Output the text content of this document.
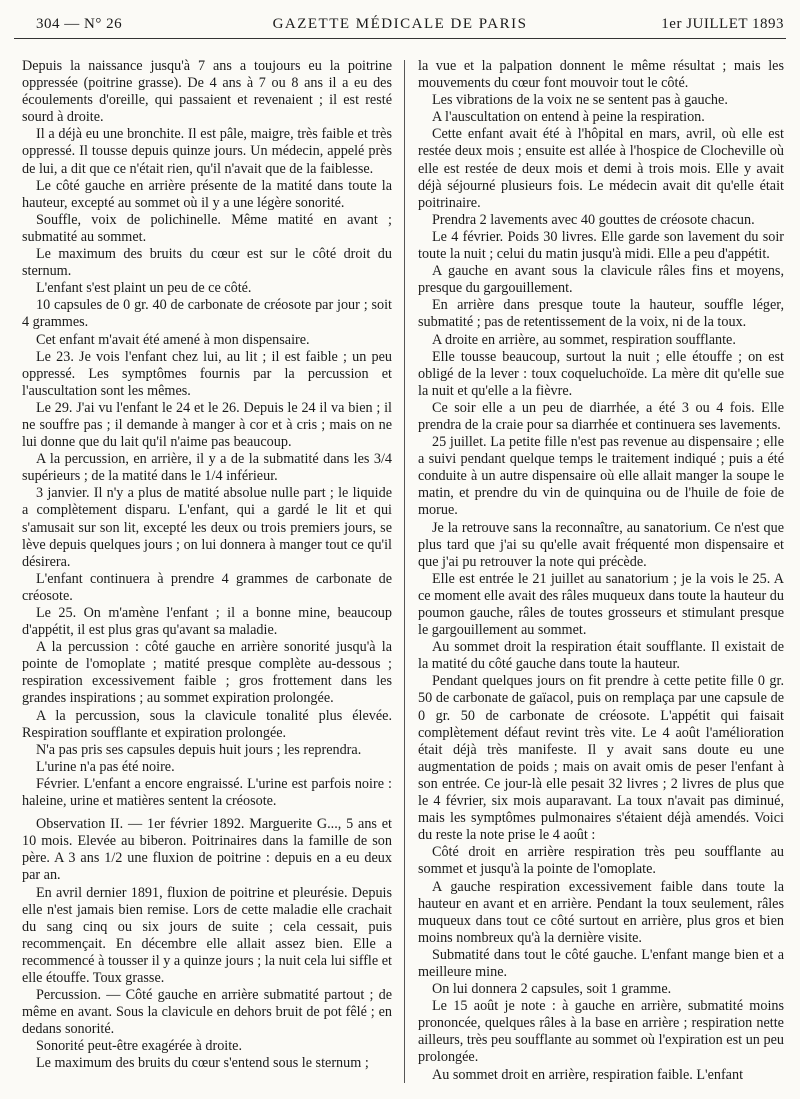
304 — N° 26	GAZETTE MÉDICALE DE PARIS	1er JUILLET 1893

Depuis la naissance jusqu'à 7 ans a toujours eu la poitrine oppressée (poitrine grasse). De 4 ans à 7 ou 8 ans il a eu des écoulements d'oreille, qui passaient et revenaient ; il est resté sourd à droite.

Il a déjà eu une bronchite. Il est pâle, maigre, très faible et très oppressé. Il tousse depuis quinze jours. Un médecin, appelé près de lui, a dit que ce n'était rien, qu'il n'avait que de la faiblesse.

Le côté gauche en arrière présente de la matité dans toute la hauteur, excepté au sommet où il y a une légère sonorité.

Souffle, voix de polichinelle. Même matité en avant ; submatité au sommet.

Le maximum des bruits du cœur est sur le côté droit du sternum.

L'enfant s'est plaint un peu de ce côté.

10 capsules de 0 gr. 40 de carbonate de créosote par jour ; soit 4 grammes.

Cet enfant m'avait été amené à mon dispensaire.

Le 23. Je vois l'enfant chez lui, au lit ; il est faible ; un peu oppressé. Les symptômes fournis par la percussion et l'auscultation sont les mêmes.

Le 29. J'ai vu l'enfant le 24 et le 26. Depuis le 24 il va bien ; il ne souffre pas ; il demande à manger à cor et à cris ; mais on ne lui donne que du lait qu'il n'aime pas beaucoup.

A la percussion, en arrière, il y a de la submatité dans les 3/4 supérieurs ; de la matité dans le 1/4 inférieur.

3 janvier. Il n'y a plus de matité absolue nulle part ; le liquide a complètement disparu. L'enfant, qui a gardé le lit et qui s'amusait sur son lit, excepté les deux ou trois premiers jours, se lève depuis quelques jours ; on lui donnera à manger tout ce qu'il désirera.

L'enfant continuera à prendre 4 grammes de carbonate de créosote.

Le 25. On m'amène l'enfant ; il a bonne mine, beaucoup d'appétit, il est plus gras qu'avant sa maladie.

A la percussion : côté gauche en arrière sonorité jusqu'à la pointe de l'omoplate ; matité presque complète au-dessous ; respiration excessivement faible ; gros frottement dans les grandes inspirations ; au sommet expiration prolongée.

A la percussion, sous la clavicule tonalité plus élevée. Respiration soufflante et expiration prolongée.

N'a pas pris ses capsules depuis huit jours ; les reprendra.

L'urine n'a pas été noire.

Février. L'enfant a encore engraissé. L'urine est parfois noire : haleine, urine et matières sentent la créosote.

Observation II. — 1er février 1892. Marguerite G..., 5 ans et 10 mois. Elevée au biberon. Poitrinaires dans la famille de son père. A 3 ans 1/2 une fluxion de poitrine : depuis en a eu deux par an.

En avril dernier 1891, fluxion de poitrine et pleurésie. Depuis elle n'est jamais bien remise. Lors de cette maladie elle crachait du sang cinq ou six jours de suite ; cela cessait, puis recommençait. En décembre elle allait assez bien. Elle a recommencé à tousser il y a quinze jours ; la nuit cela lui siffle et elle étouffe. Toux grasse.

Percussion. — Côté gauche en arrière submatité partout ; de même en avant. Sous la clavicule en dehors bruit de pot fêlé ; en dedans sonorité.

Sonorité peut-être exagérée à droite.

Le maximum des bruits du cœur s'entend sous le sternum ;

la vue et la palpation donnent le même résultat ; mais les mouvements du cœur font mouvoir tout le côté.

Les vibrations de la voix ne se sentent pas à gauche.

A l'auscultation on entend à peine la respiration.

Cette enfant avait été à l'hôpital en mars, avril, où elle est restée deux mois ; ensuite est allée à l'hospice de Clocheville où elle est restée de deux mois et demi à trois mois. Elle y avait déjà séjourné plusieurs fois. Le médecin avait dit qu'elle était poitrinaire.

Prendra 2 lavements avec 40 gouttes de créosote chacun.

Le 4 février. Poids 30 livres. Elle garde son lavement du soir toute la nuit ; celui du matin jusqu'à midi. Elle a peu d'appétit.

A gauche en avant sous la clavicule râles fins et moyens, presque du gargouillement.

En arrière dans presque toute la hauteur, souffle léger, submatité ; pas de retentissement de la voix, ni de la toux.

A droite en arrière, au sommet, respiration soufflante.

Elle tousse beaucoup, surtout la nuit ; elle étouffe ; on est obligé de la lever : toux coqueluchoïde. La mère dit qu'elle sue la nuit et qu'elle a la fièvre.

Ce soir elle a un peu de diarrhée, a été 3 ou 4 fois. Elle prendra de la craie pour sa diarrhée et continuera ses lavements.

25 juillet. La petite fille n'est pas revenue au dispensaire ; elle a suivi pendant quelque temps le traitement indiqué ; puis a été conduite à un autre dispensaire où elle allait manger la soupe le matin, et prendre du vin de quinquina ou de l'huile de foie de morue.

Je la retrouve sans la reconnaître, au sanatorium. Ce n'est que plus tard que j'ai su qu'elle avait fréquenté mon dispensaire et que j'ai pu retrouver la note qui précède.

Elle est entrée le 21 juillet au sanatorium ; je la vois le 25. A ce moment elle avait des râles muqueux dans toute la hauteur du poumon gauche, râles de toutes grosseurs et stimulant presque le gargouillement au sommet.

Au sommet droit la respiration était soufflante. Il existait de la matité du côté gauche dans toute la hauteur.

Pendant quelques jours on fit prendre à cette petite fille 0 gr. 50 de carbonate de gaïacol, puis on remplaça par une capsule de 0 gr. 50 de carbonate de créosote. L'appétit qui faisait complètement défaut revint très vite. Le 4 août l'amélioration était déjà très manifeste. Il y avait sans doute eu une augmentation de poids ; mais on avait omis de peser l'enfant à son entrée. Ce jour-là elle pesait 32 livres ; 2 livres de plus que le 4 février, six mois auparavant. La toux n'avait pas diminué, mais les symptômes pulmonaires s'étaient déjà amendés. Voici du reste la note prise le 4 août :

Côté droit en arrière respiration très peu soufflante au sommet et jusqu'à la pointe de l'omoplate.

A gauche respiration excessivement faible dans toute la hauteur en avant et en arrière. Pendant la toux seulement, râles muqueux dans tout ce côté surtout en arrière, plus gros et bien moins nombreux qu'à la dernière visite.

Submatité dans tout le côté gauche. L'enfant mange bien et a meilleure mine.

On lui donnera 2 capsules, soit 1 gramme.

Le 15 août je note : à gauche en arrière, submatité moins prononcée, quelques râles à la base en arrière ; respiration nette ailleurs, très peu soufflante au sommet où l'expiration est un peu prolongée.

Au sommet droit en arrière, respiration faible. L'enfant
